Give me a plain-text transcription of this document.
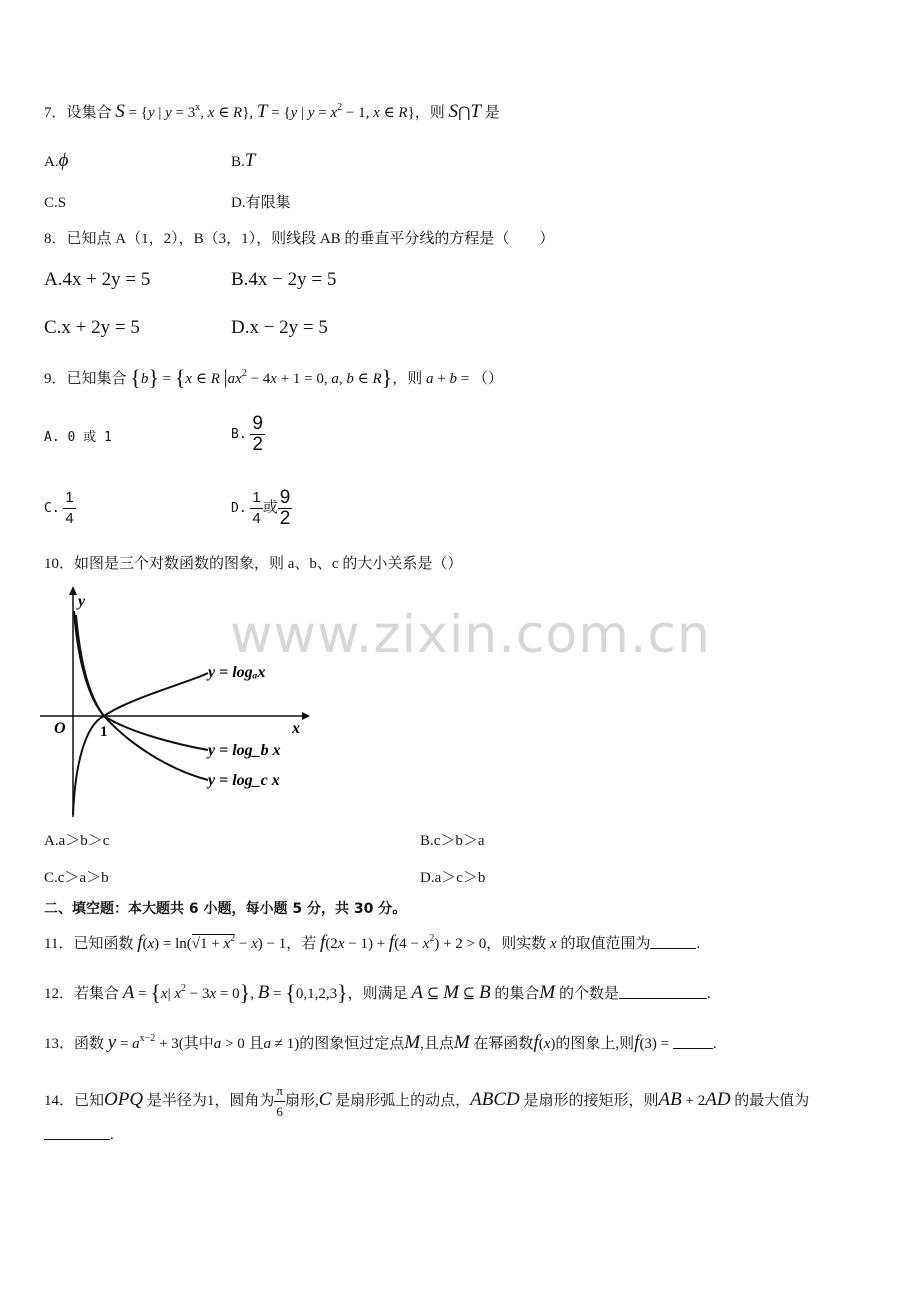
www.zixin.com.cn
7．设集合 S = {y | $y = 3^x$, x ∈ R}, T = {y | $y = x^2 - 1$, x ∈ R}，则 S⋂T 是
A.ϕ	B.T
C.S	D.有限集
8．已知点 A（1，2），B（3，1），则线段 AB 的垂直平分线的方程是（　　）
A.4x + 2y = 5	B.4x − 2y = 5
C.x + 2y = 5	D.x − 2y = 5
9．已知集合 {b} = {x ∈ R $|ax^2 - 4x + 1 = 0$, a, b ∈ R}，则 a + b = （）
A. 0 或 1	B. $\frac{9}{2}$
C. $\frac{1}{4}$	D. $\frac{1}{4}$ 或 $\frac{9}{2}$
10．如图是三个对数函数的图象，则 a、b、c 的大小关系是（）
y
x
O 1
y = logₐx
y = log_b x
y = log_c x
A.a＞b＞c	B.c＞b＞a
C.c＞a＞b	D.a＞c＞b
二、填空题：本大题共 6 小题，每小题 5 分，共 30 分。
11．已知函数 $f(x) = \ln(√1 + x^2 - x) - 1$，若 $f(2x - 1) + f(4 - x^2) + 2 > 0$，则实数 x 的取值范围为	.
12．若集合 A = {x| $x^2 - 3x = 0$}, B = {0,1,2,3}，则满足 A ⊆ M ⊆ B 的集合M 的个数是	.
13．函数 $y = a^{x-2} + 3$(其中a > 0 且a ≠ 1)的图象恒过定点M,且点M 在幂函数f(x)的图象上,则f(3) =	.
14．已知OPQ 是半径为1，圆角为 $\frac{\pi}{6}$ 扇形,C 是扇形弧上的动点，ABCD 是扇形的接矩形，则AB + 2AD 的最大值为
.
